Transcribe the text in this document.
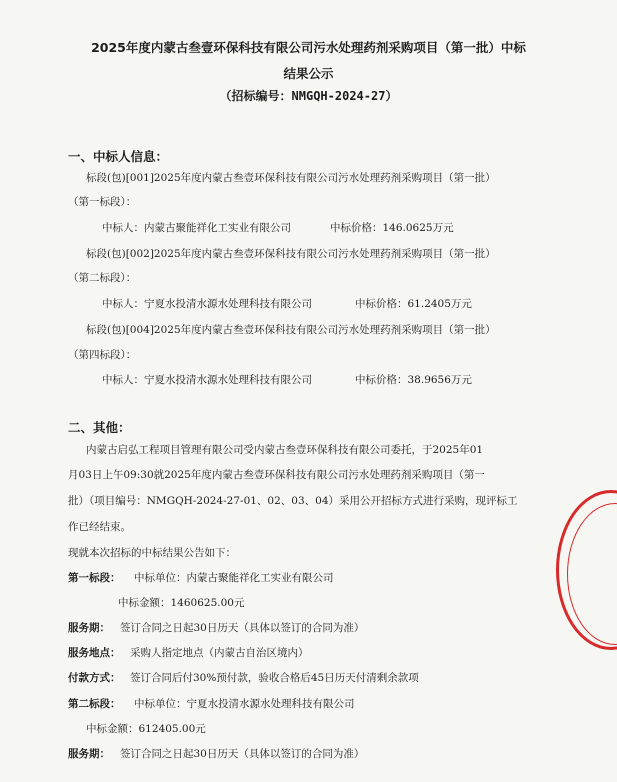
2025年度内蒙古叁壹环保科技有限公司污水处理药剂采购项目（第一批）中标
结果公示
（招标编号：NMGQH-2024-27）
一、中标人信息：
标段(包)[001]2025年度内蒙古叁壹环保科技有限公司污水处理药剂采购项目（第一批）
（第一标段）：
中标人：内蒙古聚能祥化工实业有限公司	中标价格：146.0625万元
标段(包)[002]2025年度内蒙古叁壹环保科技有限公司污水处理药剂采购项目（第一批）
（第二标段）：
中标人：宁夏水投清水源水处理科技有限公司	中标价格：61.2405万元
标段(包)[004]2025年度内蒙古叁壹环保科技有限公司污水处理药剂采购项目（第一批）
（第四标段）：
中标人：宁夏水投清水源水处理科技有限公司	中标价格：38.9656万元
二、其他：
内蒙古启弘工程项目管理有限公司受内蒙古叁壹环保科技有限公司委托，于2025年01
月03日上午09:30就2025年度内蒙古叁壹环保科技有限公司污水处理药剂采购项目（第一
批）（项目编号：NMGQH-2024-27-01、02、03、04）采用公开招标方式进行采购，现评标工
作已经结束。
现就本次招标的中标结果公告如下：
第一标段： 中标单位：内蒙古聚能祥化工实业有限公司
中标金额：1460625.00元
服务期： 签订合同之日起30日历天（具体以签订的合同为准）
服务地点： 采购人指定地点（内蒙古自治区境内）
付款方式： 签订合同后付30%预付款，验收合格后45日历天付清剩余款项
第二标段： 中标单位：宁夏水投清水源水处理科技有限公司
中标金额：612405.00元
服务期： 签订合同之日起30日历天（具体以签订的合同为准）
